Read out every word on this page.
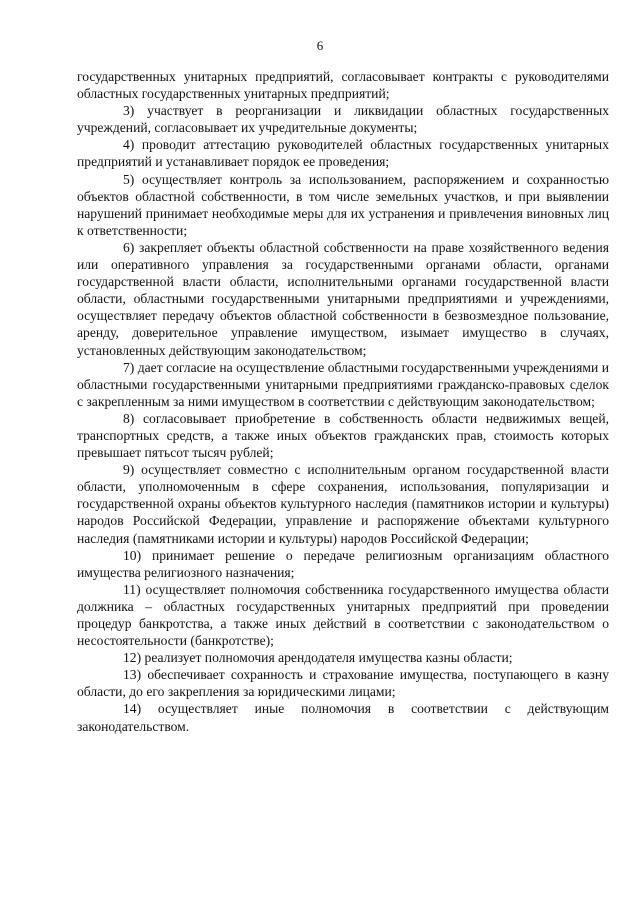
6

государственных унитарных предприятий, согласовывает контракты с руководителями областных государственных унитарных предприятий;

3) участвует в реорганизации и ликвидации областных государственных учреждений, согласовывает их учредительные документы;

4) проводит аттестацию руководителей областных государственных унитарных предприятий и устанавливает порядок ее проведения;

5) осуществляет контроль за использованием, распоряжением и сохранностью объектов областной собственности, в том числе земельных участков, и при выявлении нарушений принимает необходимые меры для их устранения и привлечения виновных лиц к ответственности;

6) закрепляет объекты областной собственности на праве хозяйственного ведения или оперативного управления за государственными органами области, органами государственной власти области, исполнительными органами государственной власти области, областными государственными унитарными предприятиями и учреждениями, осуществляет передачу объектов областной собственности в безвозмездное пользование, аренду, доверительное управление имуществом, изымает имущество в случаях, установленных действующим законодательством;

7) дает согласие на осуществление областными государственными учреждениями и областными государственными унитарными предприятиями гражданско-правовых сделок с закрепленным за ними имуществом в соответствии с действующим законодательством;

8) согласовывает приобретение в собственность области недвижимых вещей, транспортных средств, а также иных объектов гражданских прав, стоимость которых превышает пятьсот тысяч рублей;

9) осуществляет совместно с исполнительным органом государственной власти области, уполномоченным в сфере сохранения, использования, популяризации и государственной охраны объектов культурного наследия (памятников истории и культуры) народов Российской Федерации, управление и распоряжение объектами культурного наследия (памятниками истории и культуры) народов Российской Федерации;

10) принимает решение о передаче религиозным организациям областного имущества религиозного назначения;

11) осуществляет полномочия собственника государственного имущества области должника – областных государственных унитарных предприятий при проведении процедур банкротства, а также иных действий в соответствии с законодательством о несостоятельности (банкротстве);

12) реализует полномочия арендодателя имущества казны области;

13) обеспечивает сохранность и страхование имущества, поступающего в казну области, до его закрепления за юридическими лицами;

14) осуществляет иные полномочия в соответствии с действующим законодательством.
